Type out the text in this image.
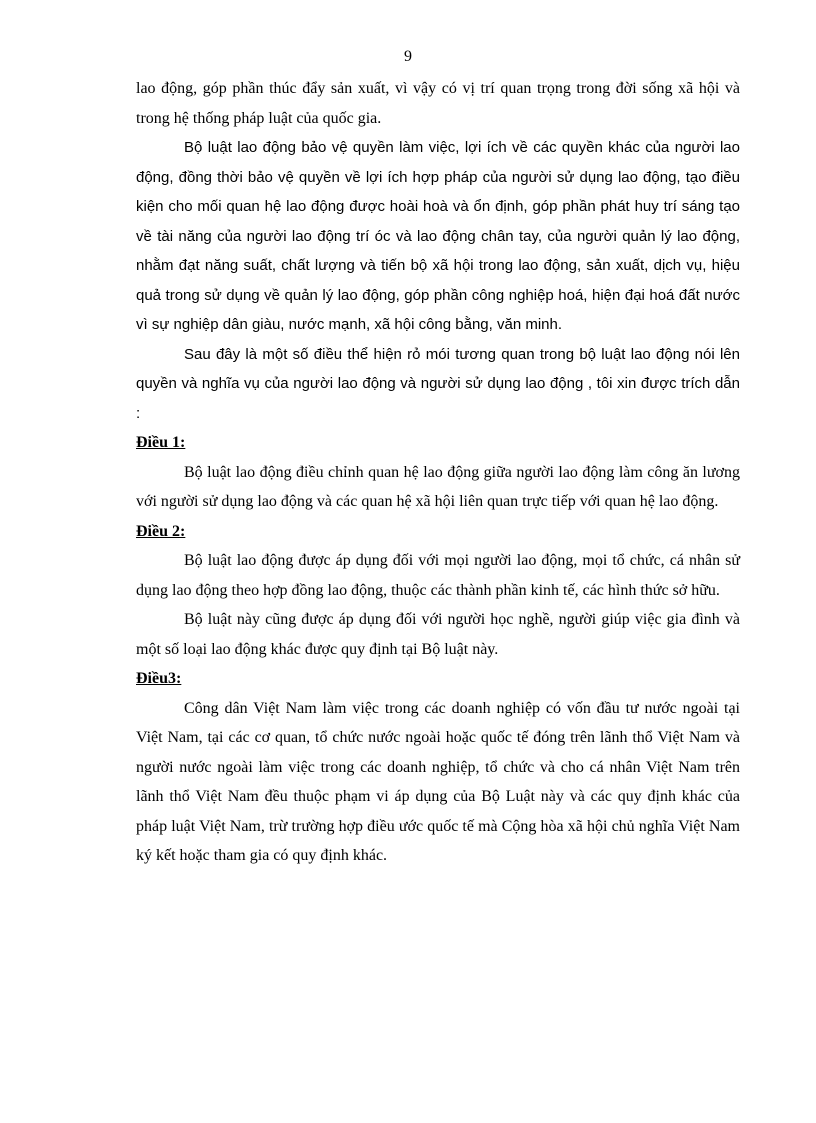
9

lao động, góp phần thúc đẩy sản xuất, vì vậy có vị trí quan trọng trong đời sống xã hội và trong hệ thống pháp luật của quốc gia.

Bộ luật lao động bảo vệ quyền làm việc, lợi ích về các quyền khác của người lao động, đồng thời bảo vệ quyền về lợi ích hợp pháp của người sử dụng lao động, tạo điều kiện cho mối quan hệ lao động được hoài hoà và ổn định, góp phần phát huy trí sáng tạo về tài năng của người lao động trí óc và lao động chân tay, của người quản lý lao động, nhằm đạt năng suất, chất lượng và tiến bộ xã hội trong lao động, sản xuất, dịch vụ, hiệu quả trong sử dụng về quản lý lao động, góp phần công nghiệp hoá, hiện đại hoá đất nước vì sự nghiệp dân giàu, nước mạnh, xã hội công bằng, văn minh.

Sau đây là một số điều thể hiện rỏ mói tương quan trong bộ luật lao động nói lên quyền và nghĩa vụ của người lao động và người sử dụng lao động , tôi xin được trích dẫn :

Điều 1:

Bộ luật lao động điều chỉnh quan hệ lao động giữa người lao động làm công ăn lương với người sử dụng lao động và các quan hệ xã hội liên quan trực tiếp với quan hệ lao động.

Điều 2:

Bộ luật lao động được áp dụng đối với mọi người lao động, mọi tổ chức, cá nhân sử dụng lao động theo hợp đồng lao động, thuộc các thành phần kinh tế, các hình thức sở hữu.

Bộ luật này cũng được áp dụng đối với người học nghề, người giúp việc gia đình và một số loại lao động khác được quy định tại Bộ luật này.

Điều3:

Công dân Việt Nam làm việc trong các doanh nghiệp có vốn đầu tư nước ngoài tại Việt Nam, tại các cơ quan, tổ chức nước ngoài hoặc quốc tế đóng trên lãnh thổ Việt Nam và người nước ngoài làm việc trong các doanh nghiệp, tổ chức và cho cá nhân Việt Nam trên lãnh thổ Việt Nam đều thuộc phạm vi áp dụng của Bộ Luật này và các quy định khác của pháp luật Việt Nam, trừ trường hợp điều ước quốc tế mà Cộng hòa xã hội chủ nghĩa Việt Nam ký kết hoặc tham gia có quy định khác.
